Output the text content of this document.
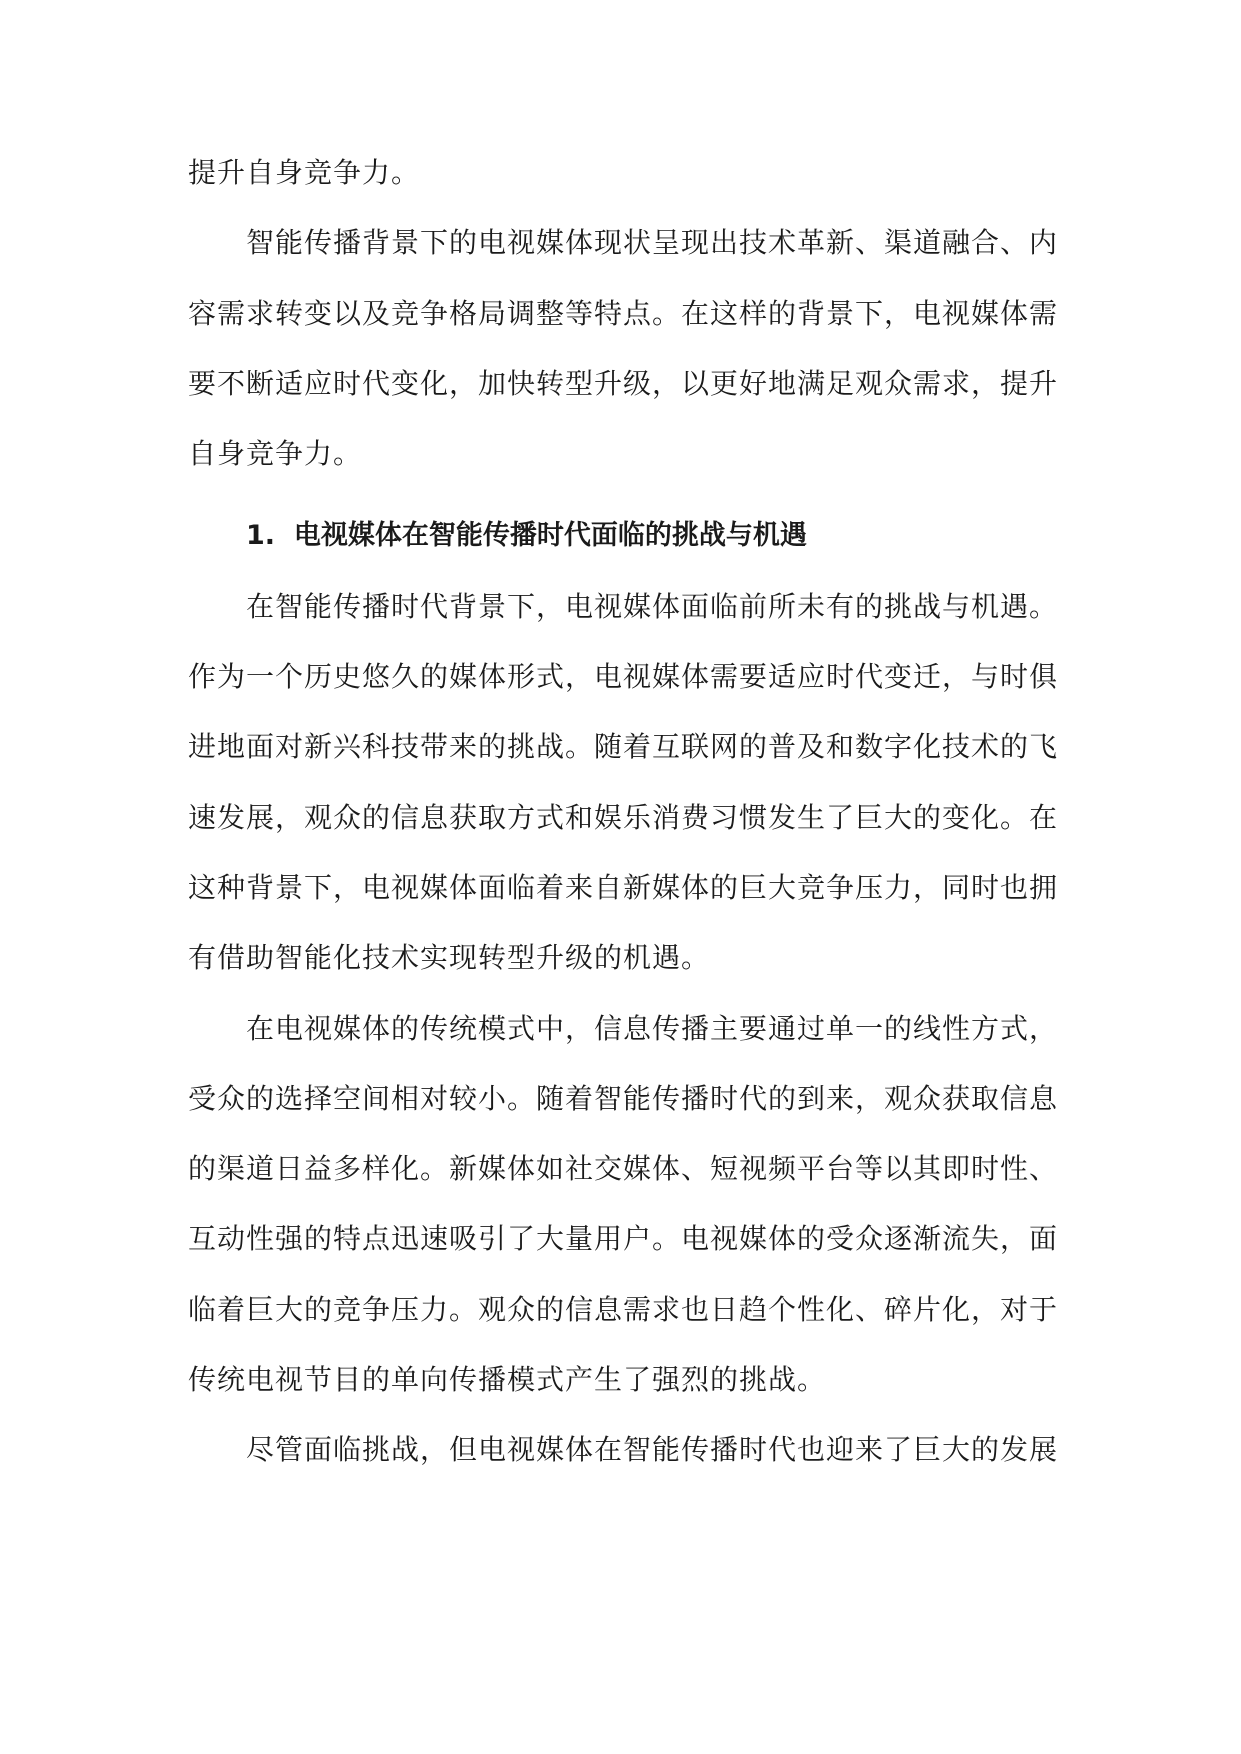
提升自身竞争力。

智能传播背景下的电视媒体现状呈现出技术革新、渠道融合、内容需求转变以及竞争格局调整等特点。在这样的背景下，电视媒体需要不断适应时代变化，加快转型升级，以更好地满足观众需求，提升自身竞争力。

1. 电视媒体在智能传播时代面临的挑战与机遇

在智能传播时代背景下，电视媒体面临前所未有的挑战与机遇。作为一个历史悠久的媒体形式，电视媒体需要适应时代变迁，与时俱进地面对新兴科技带来的挑战。随着互联网的普及和数字化技术的飞速发展，观众的信息获取方式和娱乐消费习惯发生了巨大的变化。在这种背景下，电视媒体面临着来自新媒体的巨大竞争压力，同时也拥有借助智能化技术实现转型升级的机遇。

在电视媒体的传统模式中，信息传播主要通过单一的线性方式，受众的选择空间相对较小。随着智能传播时代的到来，观众获取信息的渠道日益多样化。新媒体如社交媒体、短视频平台等以其即时性、互动性强的特点迅速吸引了大量用户。电视媒体的受众逐渐流失，面临着巨大的竞争压力。观众的信息需求也日趋个性化、碎片化，对于传统电视节目的单向传播模式产生了强烈的挑战。

尽管面临挑战，但电视媒体在智能传播时代也迎来了巨大的发展
